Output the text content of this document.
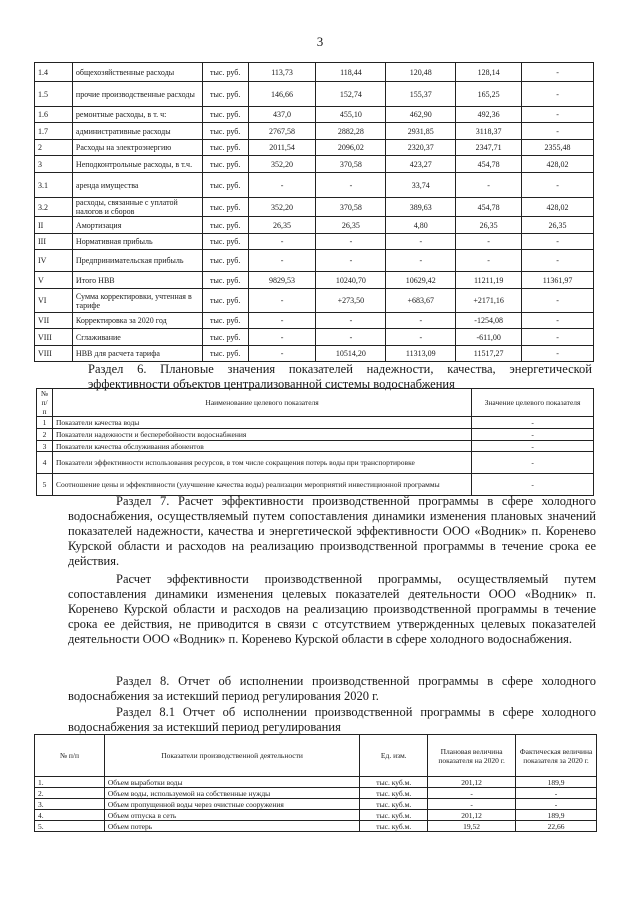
3
1.4	общехозяйственные расходы	тыс. руб.	113,73	118,44	120,48	128,14	-
1.5	прочие производственные расходы	тыс. руб.	146,66	152,74	155,37	165,25	-
1.6	ремонтные расходы, в т. ч:	тыс. руб.	437,0	455,10	462,90	492,36	-
1.7	административные расходы	тыс. руб.	2767,58	2882,28	2931,85	3118,37	-
2	Расходы на электроэнергию	тыс. руб.	2011,54	2096,02	2320,37	2347,71	2355,48
3	Неподконтрольные расходы, в т.ч.	тыс. руб.	352,20	370,58	423,27	454,78	428,02
3.1	аренда имущества	тыс. руб.	-	-	33,74	-	-
3.2	расходы, связанные с уплатой налогов и сборов	тыс. руб.	352,20	370,58	389,63	454,78	428,02
II	Амортизация	тыс. руб.	26,35	26,35	4,80	26,35	26,35
III	Нормативная прибыль	тыс. руб.	-	-	-	-	-
IV	Предпринимательская прибыль	тыс. руб.	-	-	-	-	-
V	Итого НВВ	тыс. руб.	9829,53	10240,70	10629,42	11211,19	11361,97
VI	Сумма корректировки, учтенная в тарифе	тыс. руб.	-	+273,50	+683,67	+2171,16	-
VII	Корректировка за 2020 год	тыс. руб.	-	-	-	-1254,08	-
VIII	Сглаживание	тыс. руб.	-	-	-	-611,00	-
VIII	НВВ для расчета тарифа	тыс. руб.	-	10514,20	11313,09	11517,27	-
Раздел 6. Плановые значения показателей надежности, качества, энергетической эффективности объектов централизованной системы водоснабжения
№ п/п	Наименование целевого показателя	Значение целевого показателя
1	Показатели качества воды	-
2	Показатели надежности и бесперебойности водоснабжения	-
3	Показатели качества обслуживания абонентов	-
4	Показатели эффективности использования ресурсов, в том числе сокращения потерь воды при транспортировке	-
5	Соотношение цены и эффективности (улучшение качества воды) реализации мероприятий инвестиционной программы	-
Раздел 7. Расчет эффективности производственной программы в сфере холодного водоснабжения, осуществляемый путем сопоставления динамики изменения плановых значений показателей надежности, качества и энергетической эффективности ООО «Водник» п. Коренево Курской области и расходов на реализацию производственной программы в течение срока ее действия.
Расчет эффективности производственной программы, осуществляемый путем сопоставления динамики изменения целевых показателей деятельности ООО «Водник» п. Коренево Курской области и расходов на реализацию производственной программы в течение срока ее действия, не приводится в связи с отсутствием утвержденных целевых показателей деятельности ООО «Водник» п. Коренево Курской области в сфере холодного водоснабжения.
Раздел 8. Отчет об исполнении производственной программы в сфере холодного водоснабжения за истекший период регулирования 2020 г.
Раздел 8.1 Отчет об исполнении производственной программы в сфере холодного водоснабжения за истекший период регулирования
№ п/п	Показатели производственной деятельности	Ед. изм.	Плановая величина показателя на 2020 г.	Фактическая величина показателя за 2020 г.
1.	Объем выработки воды	тыс. куб.м.	201,12	189,9
2.	Объем воды, используемой на собственные нужды	тыс. куб.м.	-	-
3.	Объем пропущенной воды через очистные сооружения	тыс. куб.м.	-	-
4.	Объем отпуска в сеть	тыс. куб.м.	201,12	189,9
5.	Объем потерь	тыс. куб.м.	19,52	22,66
